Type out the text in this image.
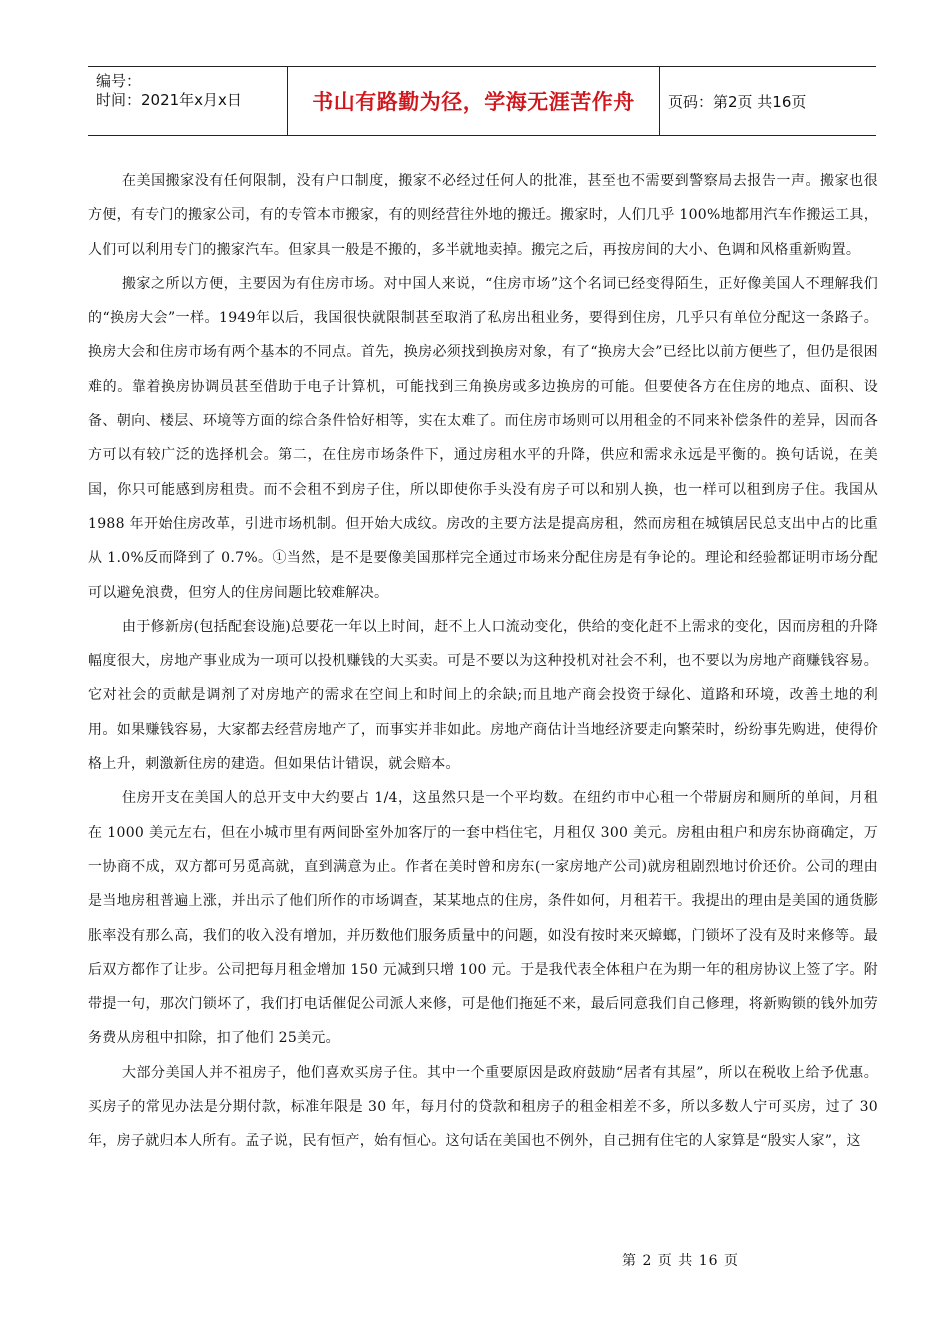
编号：
时间：2021年x月x日	书山有路勤为径，学海无涯苦作舟	页码：第2页 共16页

在美国搬家没有任何限制，没有户口制度，搬家不必经过任何人的批准，甚至也不需要到警察局去报告一声。搬家也很方便，有专门的搬家公司，有的专管本市搬家，有的则经营往外地的搬迁。搬家时，人们几乎 100%地都用汽车作搬运工具，人们可以利用专门的搬家汽车。但家具一般是不搬的，多半就地卖掉。搬完之后，再按房间的大小、色调和风格重新购置。

搬家之所以方便，主要因为有住房市场。对中国人来说，“住房市场”这个名词已经变得陌生，正好像美国人不理解我们的“换房大会”一样。1949年以后，我国很快就限制甚至取消了私房出租业务，要得到住房，几乎只有单位分配这一条路子。换房大会和住房市场有两个基本的不同点。首先，换房必须找到换房对象，有了“换房大会”已经比以前方便些了，但仍是很困难的。靠着换房协调员甚至借助于电子计算机，可能找到三角换房或多边换房的可能。但要使各方在住房的地点、面积、设备、朝向、楼层、环境等方面的综合条件恰好相等，实在太难了。而住房市场则可以用租金的不同来补偿条件的差异，因而各方可以有较广泛的选择机会。第二，在住房市场条件下，通过房租水平的升降，供应和需求永远是平衡的。换句话说，在美国，你只可能感到房租贵。而不会租不到房子住，所以即使你手头没有房子可以和别人换，也一样可以租到房子住。我国从 1988 年开始住房改革，引进市场机制。但开始大成纹。房改的主要方法是提高房租，然而房租在城镇居民总支出中占的比重从 1.0%反而降到了 0.7%。①当然，是不是要像美国那样完全通过市场来分配住房是有争论的。理论和经验都证明市场分配可以避免浪费，但穷人的住房间题比较难解决。

由于修新房(包括配套设施)总要花一年以上时间，赶不上人口流动变化，供给的变化赶不上需求的变化，因而房租的升降幅度很大，房地产事业成为一项可以投机赚钱的大买卖。可是不要以为这种投机对社会不利，也不要以为房地产商赚钱容易。它对社会的贡献是调剂了对房地产的需求在空间上和时间上的余缺;而且地产商会投资于绿化、道路和环境，改善土地的利用。如果赚钱容易，大家都去经营房地产了，而事实并非如此。房地产商估计当地经济要走向繁荣时，纷纷事先购进，使得价格上升，刺激新住房的建造。但如果估计错误，就会赔本。

住房开支在美国人的总开支中大约要占 1/4，这虽然只是一个平均数。在纽约市中心租一个带厨房和厕所的单间，月租在 1000 美元左右，但在小城市里有两间卧室外加客厅的一套中档住宅，月租仅 300 美元。房租由租户和房东协商确定，万一协商不成，双方都可另觅高就，直到满意为止。作者在美时曾和房东(一家房地产公司)就房租剧烈地讨价还价。公司的理由是当地房租普遍上涨，并出示了他们所作的市场调查，某某地点的住房，条件如何，月租若干。我提出的理由是美国的通货膨胀率没有那么高，我们的收入没有增加，并历数他们服务质量中的问题，如没有按时来灭蟑螂，门锁坏了没有及时来修等。最后双方都作了让步。公司把每月租金增加 150 元减到只增 100 元。于是我代表全体租户在为期一年的租房协议上签了字。附带提一句，那次门锁坏了，我们打电话催促公司派人来修，可是他们拖延不来，最后同意我们自己修理，将新购锁的钱外加劳务费从房租中扣除，扣了他们 25美元。

大部分美国人并不祖房子，他们喜欢买房子住。其中一个重要原因是政府鼓励“居者有其屋”，所以在税收上给予优惠。买房子的常见办法是分期付款，标准年限是 30 年，每月付的贷款和租房子的租金相差不多，所以多数人宁可买房，过了 30年，房子就归本人所有。孟子说，民有恒产，始有恒心。这句话在美国也不例外，自己拥有住宅的人家算是“殷实人家”，这

第 2 页 共 16 页
